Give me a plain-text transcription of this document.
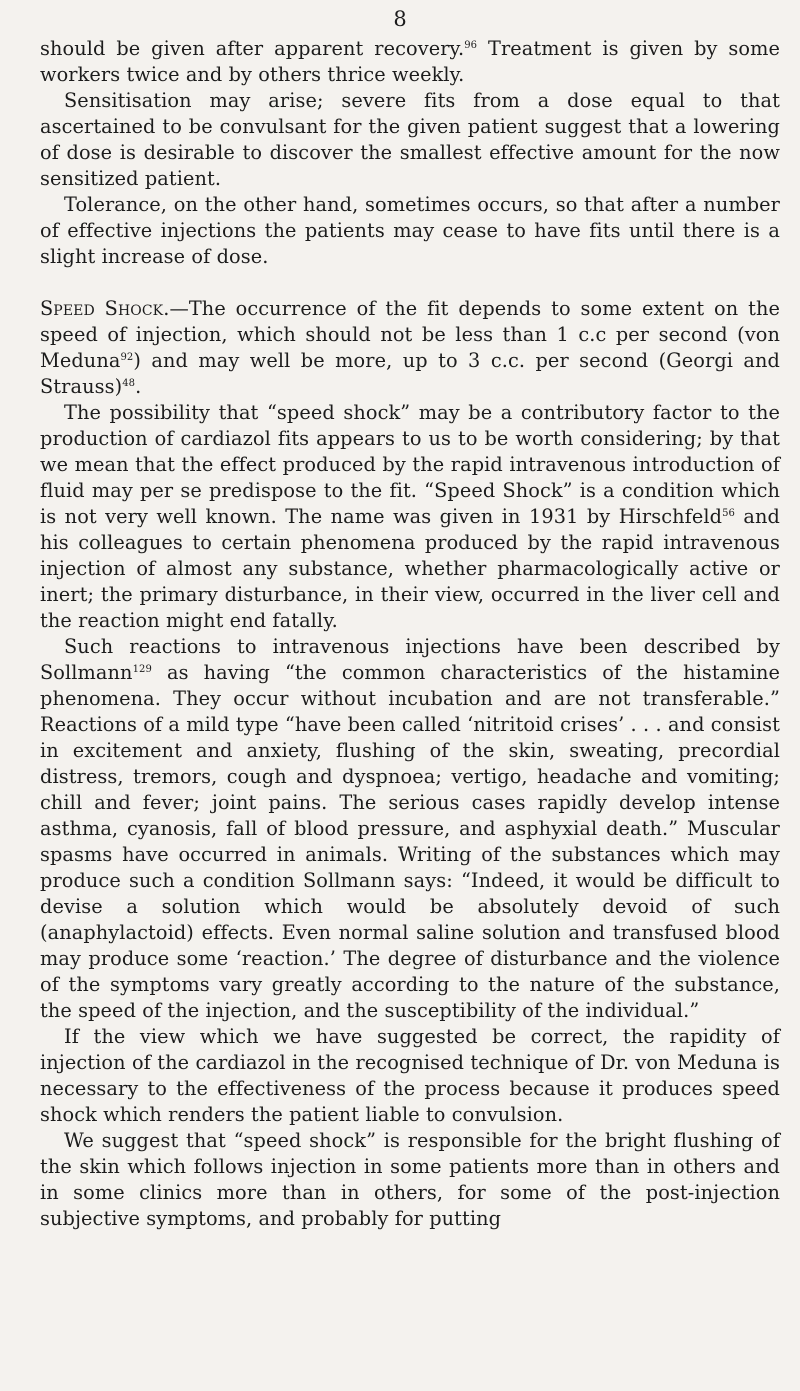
8

should be given after apparent recovery.$^{96}$ Treatment is given by some workers twice and by others thrice weekly.

Sensitisation may arise; severe fits from a dose equal to that ascertained to be convulsant for the given patient suggest that a lowering of dose is desirable to discover the smallest effective amount for the now sensitized patient.

Tolerance, on the other hand, sometimes occurs, so that after a number of effective injections the patients may cease to have fits until there is a slight increase of dose.

Speed Shock.—The occurrence of the fit depends to some extent on the speed of injection, which should not be less than 1 c.c per second (von Meduna$^{92}$) and may well be more, up to 3 c.c. per second (Georgi and Strauss)$^{48}$.

The possibility that “speed shock” may be a contributory factor to the production of cardiazol fits appears to us to be worth considering; by that we mean that the effect produced by the rapid intravenous introduction of fluid may per se predispose to the fit. “Speed Shock” is a condition which is not very well known. The name was given in 1931 by Hirschfeld$^{56}$ and his colleagues to certain phenomena produced by the rapid intravenous injection of almost any substance, whether pharmacologically active or inert; the primary disturbance, in their view, occurred in the liver cell and the reaction might end fatally.

Such reactions to intravenous injections have been described by Sollmann$^{129}$ as having “the common characteristics of the histamine phenomena. They occur without incubation and are not transferable.” Reactions of a mild type “have been called ‘nitritoid crises’ . . . and consist in excitement and anxiety, flushing of the skin, sweating, precordial distress, tremors, cough and dyspnoea; vertigo, headache and vomiting; chill and fever; joint pains. The serious cases rapidly develop intense asthma, cyanosis, fall of blood pressure, and asphyxial death.” Muscular spasms have occurred in animals. Writing of the substances which may produce such a condition Sollmann says: “Indeed, it would be difficult to devise a solution which would be absolutely devoid of such (anaphylactoid) effects. Even normal saline solution and transfused blood may produce some ‘reaction.’ The degree of disturbance and the violence of the symptoms vary greatly according to the nature of the substance, the speed of the injection, and the susceptibility of the individual.”

If the view which we have suggested be correct, the rapidity of injection of the cardiazol in the recognised technique of Dr. von Meduna is necessary to the effectiveness of the process because it produces speed shock which renders the patient liable to convulsion.

We suggest that “speed shock” is responsible for the bright flushing of the skin which follows injection in some patients more than in others and in some clinics more than in others, for some of the post-injection subjective symptoms, and probably for putting
